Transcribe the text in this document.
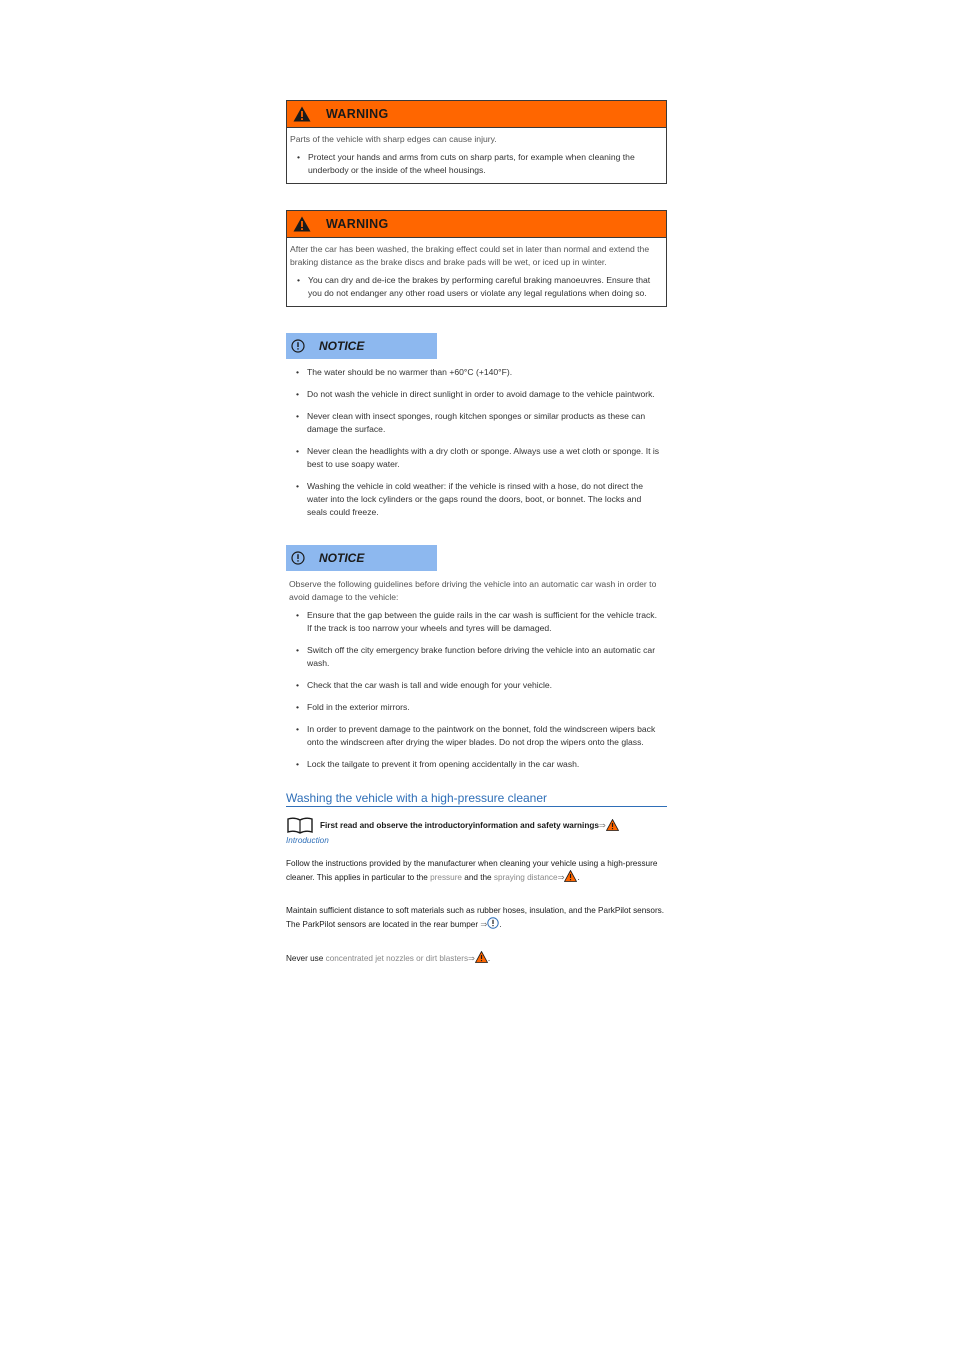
WARNING

Parts of the vehicle with sharp edges can cause injury.

• Protect your hands and arms from cuts on sharp parts, for example when cleaning the underbody or the inside of the wheel housings.
WARNING

After the car has been washed, the braking effect could set in later than normal and extend the braking distance as the brake discs and brake pads will be wet, or iced up in winter.

• You can dry and de-ice the brakes by performing careful braking manoeuvres. Ensure that you do not endanger any other road users or violate any legal regulations when doing so.
NOTICE
• The water should be no warmer than +60°C (+140°F).
• Do not wash the vehicle in direct sunlight in order to avoid damage to the vehicle paintwork.
• Never clean with insect sponges, rough kitchen sponges or similar products as these can damage the surface.
• Never clean the headlights with a dry cloth or sponge. Always use a wet cloth or sponge. It is best to use soapy water.
• Washing the vehicle in cold weather: if the vehicle is rinsed with a hose, do not direct the water into the lock cylinders or the gaps round the doors, boot, or bonnet. The locks and seals could freeze.
NOTICE

Observe the following guidelines before driving the vehicle into an automatic car wash in order to avoid damage to the vehicle:

• Ensure that the gap between the guide rails in the car wash is sufficient for the vehicle track. If the track is too narrow your wheels and tyres will be damaged.
• Switch off the city emergency brake function before driving the vehicle into an automatic car wash.
• Check that the car wash is tall and wide enough for your vehicle.
• Fold in the exterior mirrors.
• In order to prevent damage to the paintwork on the bonnet, fold the windscreen wipers back onto the windscreen after drying the wiper blades. Do not drop the wipers onto the glass.
• Lock the tailgate to prevent it from opening accidentally in the car wash.
Washing the vehicle with a high-pressure cleaner
First read and observe the introductoryinformation and safety warnings ⇒
Introduction
Follow the instructions provided by the manufacturer when cleaning your vehicle using a high-pressure cleaner. This applies in particular to the pressure and the spraying distance⇒ .
Maintain sufficient distance to soft materials such as rubber hoses, insulation, and the ParkPilot sensors. The ParkPilot sensors are located in the rear bumper ⇒ .
Never use concentrated jet nozzles or dirt blasters⇒ .
